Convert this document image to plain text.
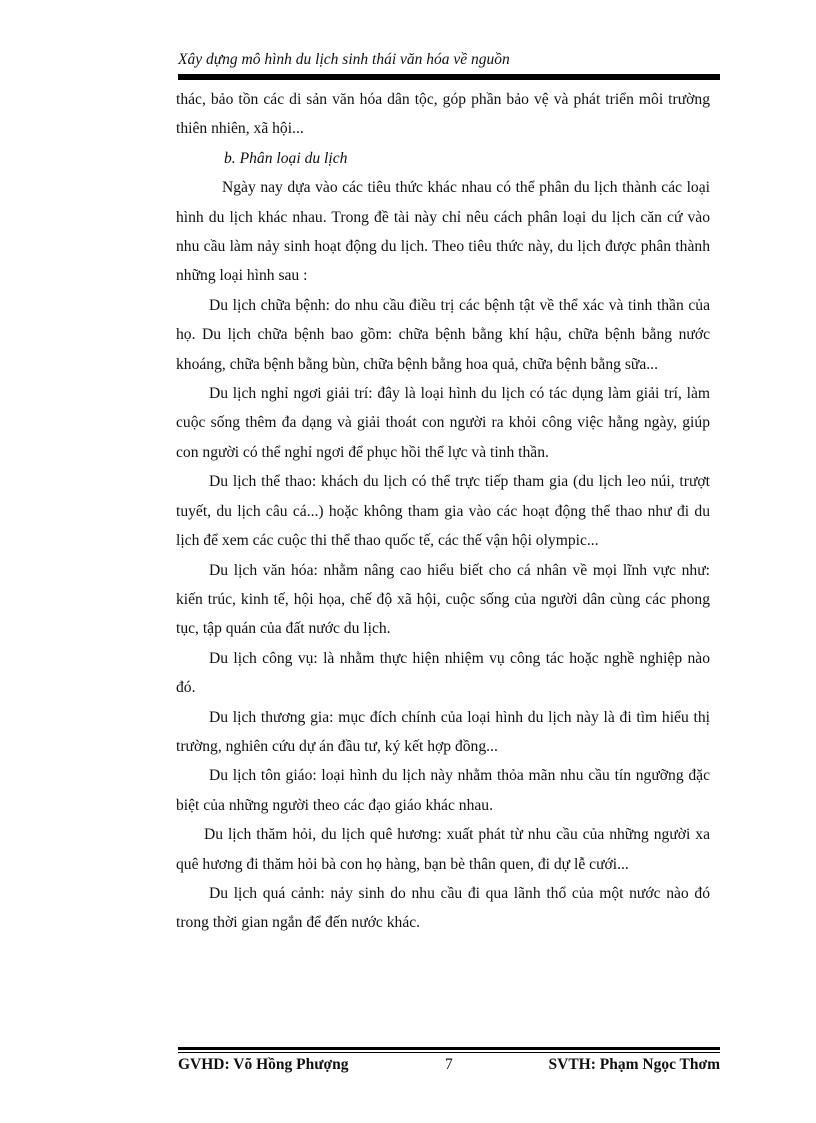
Xây dựng mô hình du lịch sinh thái văn hóa về nguồn

thác, bảo tồn các di sản văn hóa dân tộc, góp phần bảo vệ và phát triển môi trường thiên nhiên, xã hội...

b. Phân loại du lịch

Ngày nay dựa vào các tiêu thức khác nhau có thể phân du lịch thành các loại hình du lịch khác nhau. Trong đề tài này chỉ nêu cách phân loại du lịch căn cứ vào nhu cầu làm nảy sinh hoạt động du lịch. Theo tiêu thức này, du lịch được phân thành những loại hình sau :

Du lịch chữa bệnh: do nhu cầu điều trị các bệnh tật về thể xác và tinh thần của họ. Du lịch chữa bệnh bao gồm: chữa bệnh bằng khí hậu, chữa bệnh bằng nước khoáng, chữa bệnh bằng bùn, chữa bệnh bằng hoa quả, chữa bệnh bằng sữa...

Du lịch nghỉ ngơi giải trí: đây là loại hình du lịch có tác dụng làm giải trí, làm cuộc sống thêm đa dạng và giải thoát con người ra khỏi công việc hằng ngày, giúp con người có thể nghỉ ngơi để phục hồi thể lực và tinh thần.

Du lịch thể thao: khách du lịch có thể trực tiếp tham gia (du lịch leo núi, trượt tuyết, du lịch câu cá...) hoặc không tham gia vào các hoạt động thể thao như đi du lịch để xem các cuộc thi thể thao quốc tế, các thế vận hội olympic...

Du lịch văn hóa: nhằm nâng cao hiểu biết cho cá nhân về mọi lĩnh vực như: kiến trúc, kinh tế, hội họa, chế độ xã hội, cuộc sống của người dân cùng các phong tục, tập quán của đất nước du lịch.

Du lịch công vụ: là nhằm thực hiện nhiệm vụ công tác hoặc nghề nghiệp nào đó.

Du lịch thương gia: mục đích chính của loại hình du lịch này là đi tìm hiểu thị trường, nghiên cứu dự án đầu tư, ký kết hợp đồng...

Du lịch tôn giáo: loại hình du lịch này nhằm thỏa mãn nhu cầu tín ngưỡng đặc biệt của những người theo các đạo giáo khác nhau.

Du lịch thăm hỏi, du lịch quê hương: xuất phát từ nhu cầu của những người xa quê hương đi thăm hỏi bà con họ hàng, bạn bè thân quen, đi dự lễ cưới...

Du lịch quá cảnh: nảy sinh do nhu cầu đi qua lãnh thổ của một nước nào đó trong thời gian ngắn để đến nước khác.

GVHD: Võ Hồng Phượng	7	SVTH: Phạm Ngọc Thơm
